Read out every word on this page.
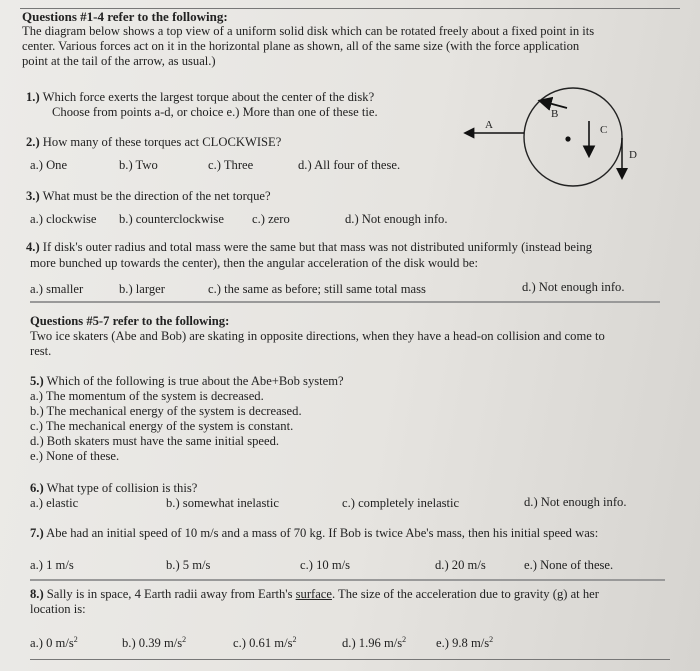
Questions #1-4 refer to the following:
The diagram below shows a top view of a uniform solid disk which can be rotated freely about a fixed point in its
center. Various forces act on it in the horizontal plane as shown, all of the same size (with the force application
point at the tail of the arrow, as usual.)
A
B
C
D
1.) Which force exerts the largest torque about the center of the disk?
Choose from points a-d, or choice e.) More than one of these tie.
2.) How many of these torques act CLOCKWISE?
a.) One	b.) Two	c.) Three	d.) All four of these.
3.) What must be the direction of the net torque?
a.) clockwise b.) counterclockwise c.) zero	d.) Not enough info.
4.) If disk's outer radius and total mass were the same but that mass was not distributed uniformly (instead being
more bunched up towards the center), then the angular acceleration of the disk would be:
a.) smaller	b.) larger	c.) the same as before; still same total mass	d.) Not enough info.
Questions #5-7 refer to the following:
Two ice skaters (Abe and Bob) are skating in opposite directions, when they have a head-on collision and come to
rest.
5.) Which of the following is true about the Abe+Bob system?
a.) The momentum of the system is decreased.
b.) The mechanical energy of the system is decreased.
c.) The mechanical energy of the system is constant.
d.) Both skaters must have the same initial speed.
e.) None of these.
6.) What type of collision is this?
a.) elastic	b.) somewhat inelastic	c.) completely inelastic	d.) Not enough info.
7.) Abe had an initial speed of 10 m/s and a mass of 70 kg. If Bob is twice Abe's mass, then his initial speed was:
a.) 1 m/s	b.) 5 m/s	c.) 10 m/s	d.) 20 m/s	e.) None of these.
8.) Sally is in space, 4 Earth radii away from Earth's surface. The size of the acceleration due to gravity (g) at her
location is:
a.) 0 $m/s^2$	b.) 0.39 $m/s^2$	c.) 0.61 $m/s^2$	d.) 1.96 $m/s^2$ e.) 9.8 $m/s^2$
